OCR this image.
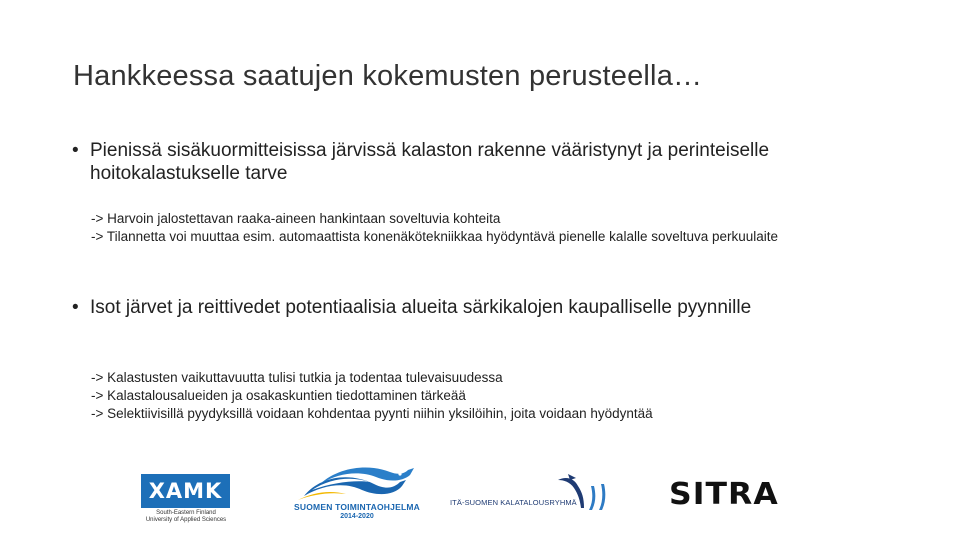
Hankkeessa saatujen kokemusten perusteella…
• Pienissä sisäkuormitteisissa järvissä kalaston rakenne vääristynyt ja perinteiselle hoitokalastukselle tarve
-> Harvoin jalostettavan raaka-aineen hankintaan soveltuvia kohteita
-> Tilannetta voi muuttaa esim. automaattista konenäkötekniikkaa hyödyntävä pienelle kalalle soveltuva perkuulaite
• Isot järvet ja reittivedet potentiaalisia alueita särkikalojen kaupalliselle pyynnille
-> Kalastusten vaikuttavuutta tulisi tutkia ja todentaa tulevaisuudessa
-> Kalastalousalueiden ja osakaskuntien tiedottaminen tärkeää
-> Selektiivisillä pyydyksillä voidaan kohdentaa pyynti niihin yksilöihin, joita voidaan hyödyntää
XAMK
South-Eastern Finland
University of Applied Sciences
SUOMEN TOIMINTAOHJELMA
2014-2020
ITÄ-SUOMEN KALATALOUSRYHMÄ	SITRA
